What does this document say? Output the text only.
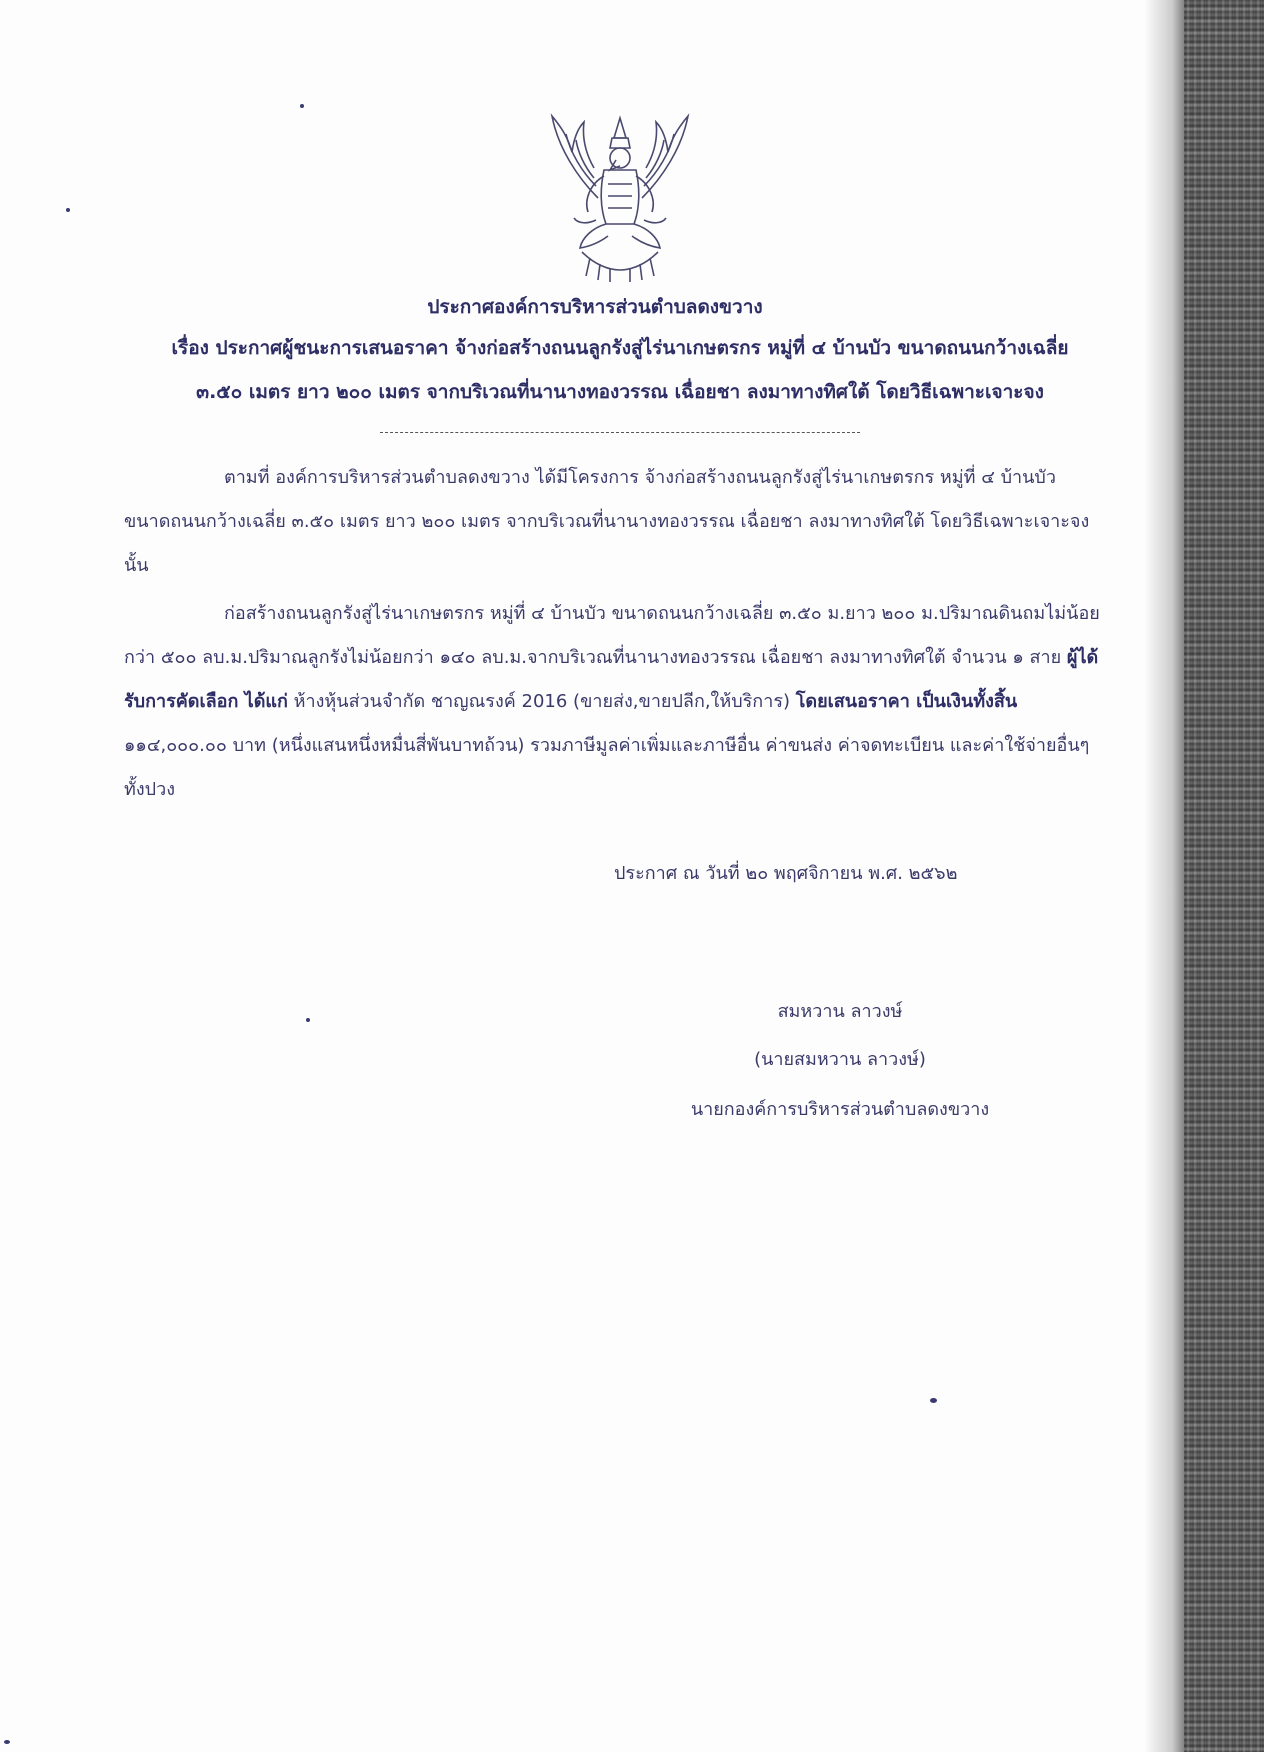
ประกาศองค์การบริหารส่วนตำบลดงขวาง
เรื่อง ประกาศผู้ชนะการเสนอราคา จ้างก่อสร้างถนนลูกรังสู่ไร่นาเกษตรกร หมู่ที่ ๔ บ้านบัว ขนาดถนนกว้างเฉลี่ย
๓.๕๐ เมตร ยาว ๒๐๐ เมตร จากบริเวณที่นานางทองวรรณ เฉื่อยชา ลงมาทางทิศใต้ โดยวิธีเฉพาะเจาะจง
ตามที่ องค์การบริหารส่วนตำบลดงขวาง ได้มีโครงการ จ้างก่อสร้างถนนลูกรังสู่ไร่นาเกษตรกร หมู่ที่ ๔ บ้านบัว ขนาดถนนกว้างเฉลี่ย ๓.๕๐ เมตร ยาว ๒๐๐ เมตร จากบริเวณที่นานางทองวรรณ เฉื่อยชา ลงมาทางทิศใต้ โดยวิธีเฉพาะเจาะจง นั้น
ก่อสร้างถนนลูกรังสู่ไร่นาเกษตรกร หมู่ที่ ๔ บ้านบัว ขนาดถนนกว้างเฉลี่ย ๓.๕๐ ม.ยาว ๒๐๐ ม.ปริมาณดินถมไม่น้อยกว่า ๕๐๐ ลบ.ม.ปริมาณลูกรังไม่น้อยกว่า ๑๔๐ ลบ.ม.จากบริเวณที่นานางทองวรรณ เฉื่อยชา ลงมาทางทิศใต้ จำนวน ๑ สาย ผู้ได้รับการคัดเลือก ได้แก่ ห้างหุ้นส่วนจำกัด ชาญณรงค์ 2016 (ขายส่ง,ขายปลีก,ให้บริการ) โดยเสนอราคา เป็นเงินทั้งสิ้น ๑๑๔,๐๐๐.๐๐ บาท (หนึ่งแสนหนึ่งหมื่นสี่พันบาทถ้วน) รวมภาษีมูลค่าเพิ่มและภาษีอื่น ค่าขนส่ง ค่าจดทะเบียน และค่าใช้จ่ายอื่นๆ ทั้งปวง
ประกาศ ณ วันที่ ๒๐ พฤศจิกายน พ.ศ. ๒๕๖๒
สมหวาน ลาวงษ์
(นายสมหวาน ลาวงษ์)
นายกองค์การบริหารส่วนตำบลดงขวาง
